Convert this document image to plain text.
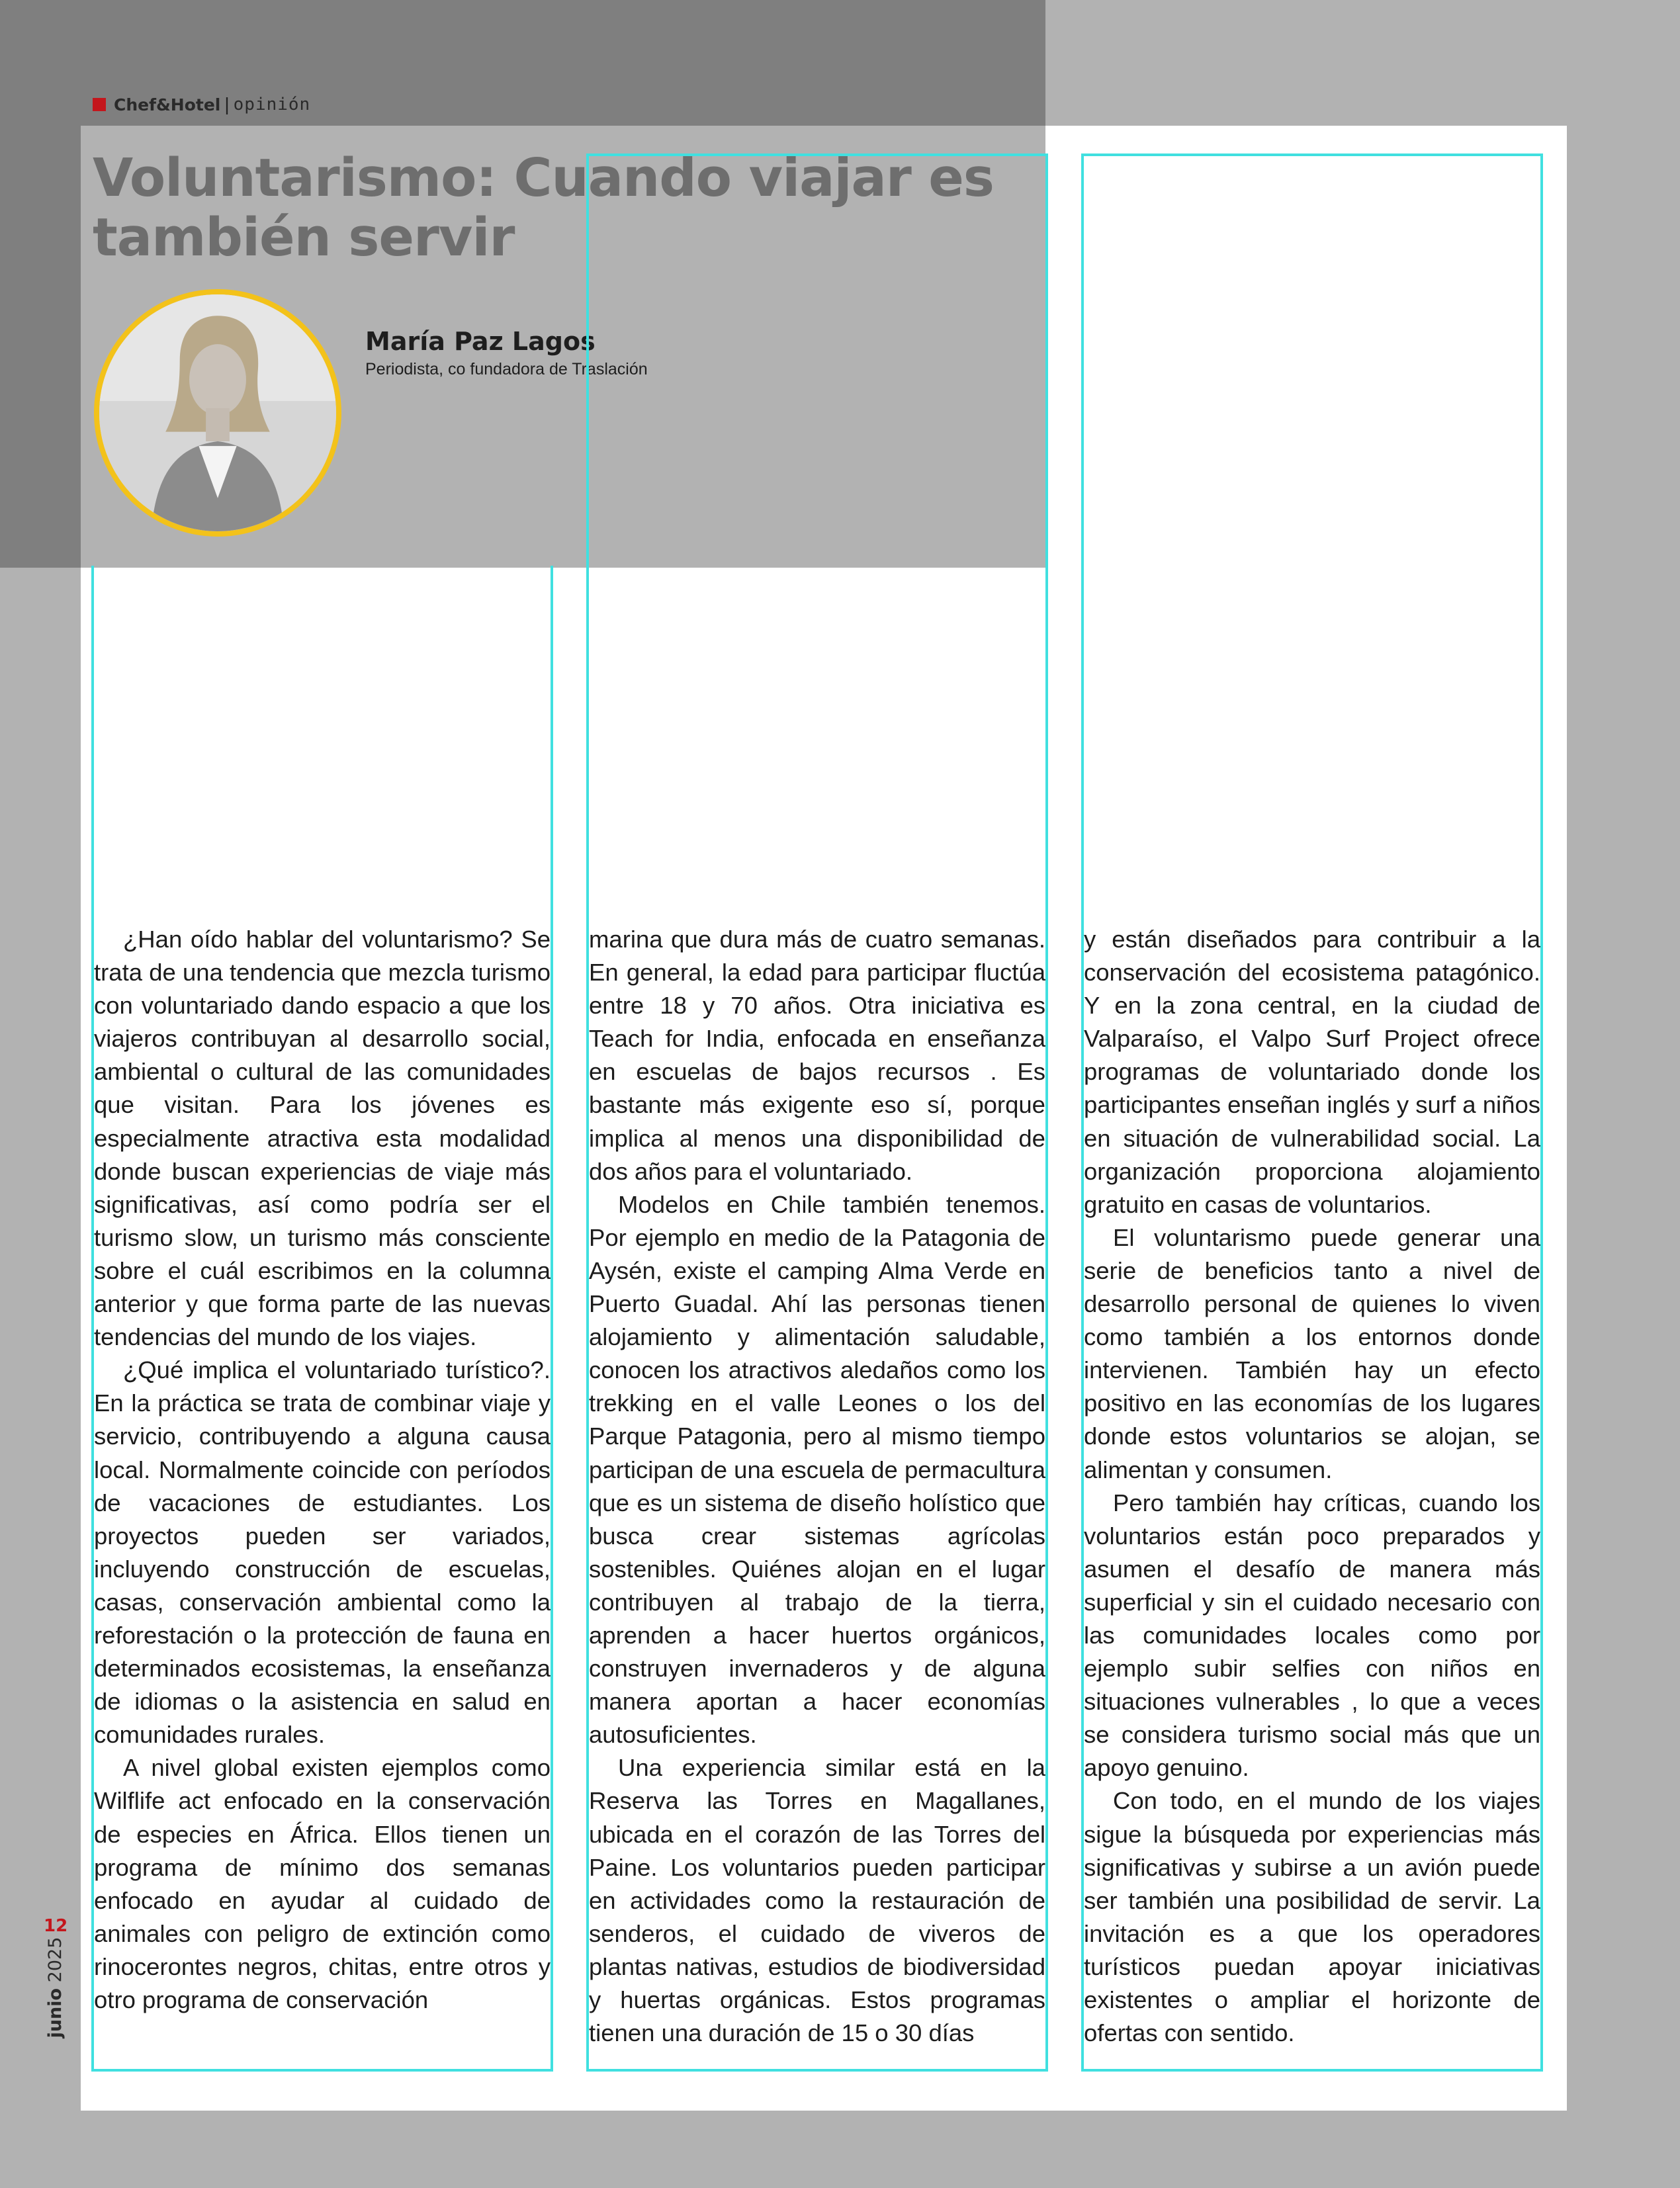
Chef&Hotel | opinión
Voluntarismo: Cuando viajar es también servir
María Paz Lagos
Periodista, co fundadora de Traslación

¿Han oído hablar del voluntarismo? Se trata de una tendencia que mezcla turismo con voluntariado dando espacio a que los viajeros contribuyan al desarrollo social, ambiental o cultural de las comunidades que visitan. Para los jóvenes es especialmente atractiva esta modalidad donde buscan experiencias de viaje más significativas, así como podría ser el turismo slow, un turismo más consciente sobre el cuál escribimos en la columna anterior y que forma parte de las nuevas tendencias del mundo de los viajes.

¿Qué implica el voluntariado turístico?. En la práctica se trata de combinar viaje y servicio, contribuyendo a alguna causa local. Normalmente coincide con períodos de vacaciones de estudiantes. Los proyectos pueden ser variados, incluyendo construcción de escuelas, casas, conservación ambiental como la reforestación o la protección de fauna en determinados ecosistemas, la enseñanza de idiomas o la asistencia en salud en comunidades rurales.

A nivel global existen ejemplos como Wilflife act enfocado en la conservación de especies en África. Ellos tienen un programa de mínimo dos semanas enfocado en ayudar al cuidado de animales con peligro de extinción como rinocerontes negros, chitas, entre otros y otro programa de conservación

marina que dura más de cuatro semanas. En general, la edad para participar fluctúa entre 18 y 70 años. Otra iniciativa es Teach for India, enfocada en enseñanza en escuelas de bajos recursos . Es bastante más exigente eso sí, porque implica al menos una disponibilidad de dos años para el voluntariado.

Modelos en Chile también tenemos. Por ejemplo en medio de la Patagonia de Aysén, existe el camping Alma Verde en Puerto Guadal. Ahí las personas tienen alojamiento y alimentación saludable, conocen los atractivos aledaños como los trekking en el valle Leones o los del Parque Patagonia, pero al mismo tiempo participan de una escuela de permacultura que es un sistema de diseño holístico que busca crear sistemas agrícolas sostenibles. Quiénes alojan en el lugar contribuyen al trabajo de la tierra, aprenden a hacer huertos orgánicos, construyen invernaderos y de alguna manera aportan a hacer economías autosuficientes.

Una experiencia similar está en la Reserva las Torres en Magallanes, ubicada en el corazón de las Torres del Paine. Los voluntarios pueden participar en actividades como la restauración de senderos, el cuidado de viveros de plantas nativas, estudios de biodiversidad y huertas orgánicas. Estos programas tienen una duración de 15 o 30 días

y están diseñados para contribuir a la conservación del ecosistema patagónico. Y en la zona central, en la ciudad de Valparaíso, el Valpo Surf Project ofrece programas de voluntariado donde los participantes enseñan inglés y surf a niños en situación de vulnerabilidad social. La organización proporciona alojamiento gratuito en casas de voluntarios.

El voluntarismo puede generar una serie de beneficios tanto a nivel de desarrollo personal de quienes lo viven como también a los entornos donde intervienen. También hay un efecto positivo en las economías de los lugares donde estos voluntarios se alojan, se alimentan y consumen.

Pero también hay críticas, cuando los voluntarios están poco preparados y asumen el desafío de manera más superficial y sin el cuidado necesario con las comunidades locales como por ejemplo subir selfies con niños en situaciones vulnerables , lo que a veces se considera turismo social más que un apoyo genuino.

Con todo, en el mundo de los viajes sigue la búsqueda por experiencias más significativas y subirse a un avión puede ser también una posibilidad de servir. La invitación es a que los operadores turísticos puedan apoyar iniciativas existentes o ampliar el horizonte de ofertas con sentido.

12
junio 2025
